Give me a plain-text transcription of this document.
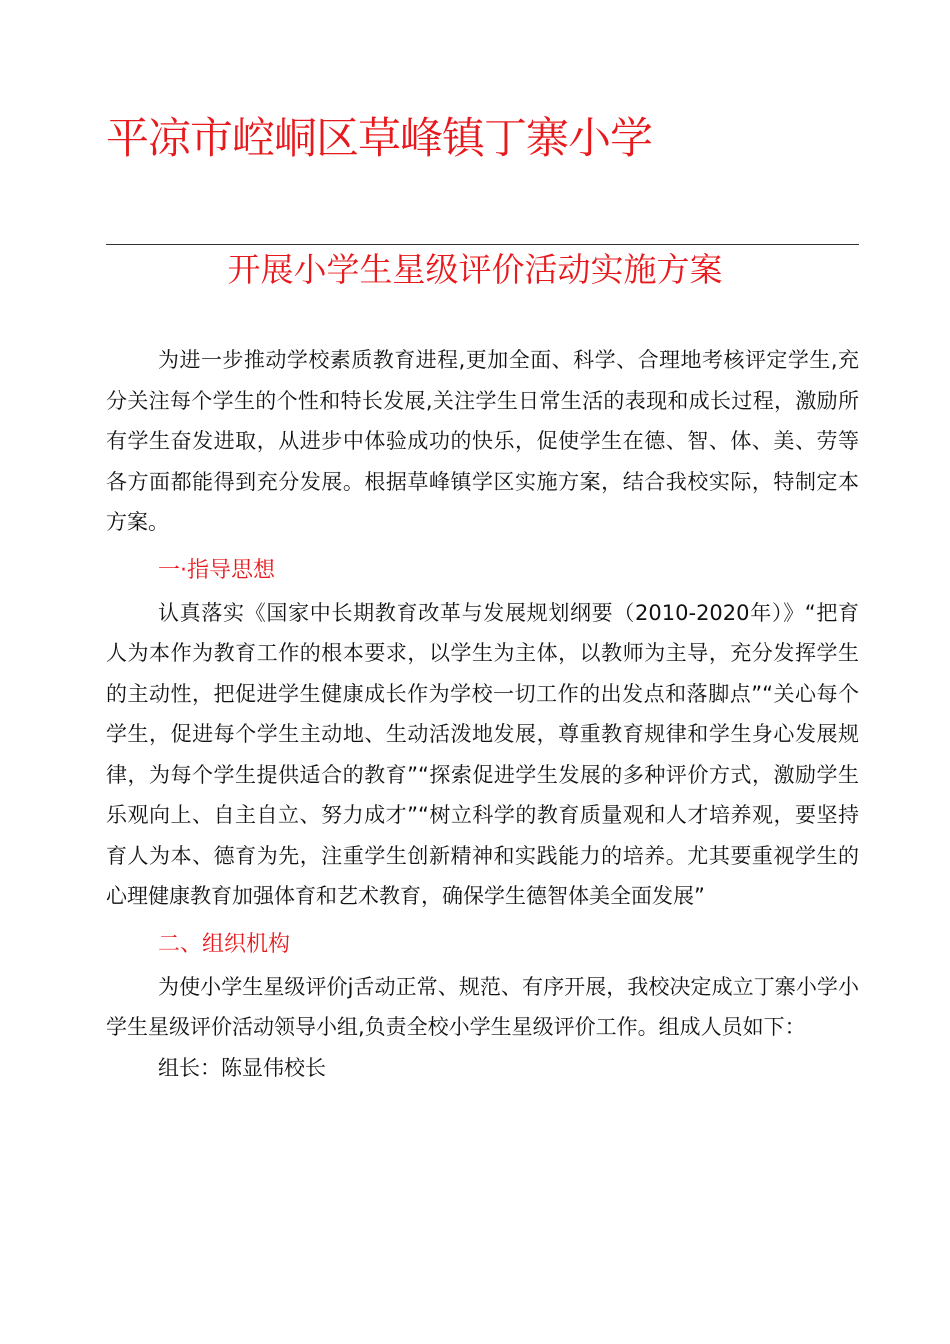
平凉市崆峒区草峰镇丁寨小学
开展小学生星级评价活动实施方案

为进一步推动学校素质教育进程,更加全面、科学、合理地考核评定学生,充分关注每个学生的个性和特长发展,关注学生日常生活的表现和成长过程，激励所有学生奋发进取，从进步中体验成功的快乐，促使学生在德、智、体、美、劳等各方面都能得到充分发展。根据草峰镇学区实施方案，结合我校实际，特制定本方案。

一·指导思想

认真落实《国家中长期教育改革与发展规划纲要（2010-2020年）》“把育人为本作为教育工作的根本要求，以学生为主体，以教师为主导，充分发挥学生的主动性，把促进学生健康成长作为学校一切工作的出发点和落脚点”“关心每个学生，促进每个学生主动地、生动活泼地发展，尊重教育规律和学生身心发展规律，为每个学生提供适合的教育”“探索促进学生发展的多种评价方式，激励学生乐观向上、自主自立、努力成才”“树立科学的教育质量观和人才培养观，要坚持育人为本、德育为先，注重学生创新精神和实践能力的培养。尤其要重视学生的心理健康教育加强体育和艺术教育，确保学生德智体美全面发展”

二、组织机构

为使小学生星级评价j舌动正常、规范、有序开展，我校决定成立丁寨小学小学生星级评价活动领导小组,负责全校小学生星级评价工作。组成人员如下：

组长：陈显伟校长
